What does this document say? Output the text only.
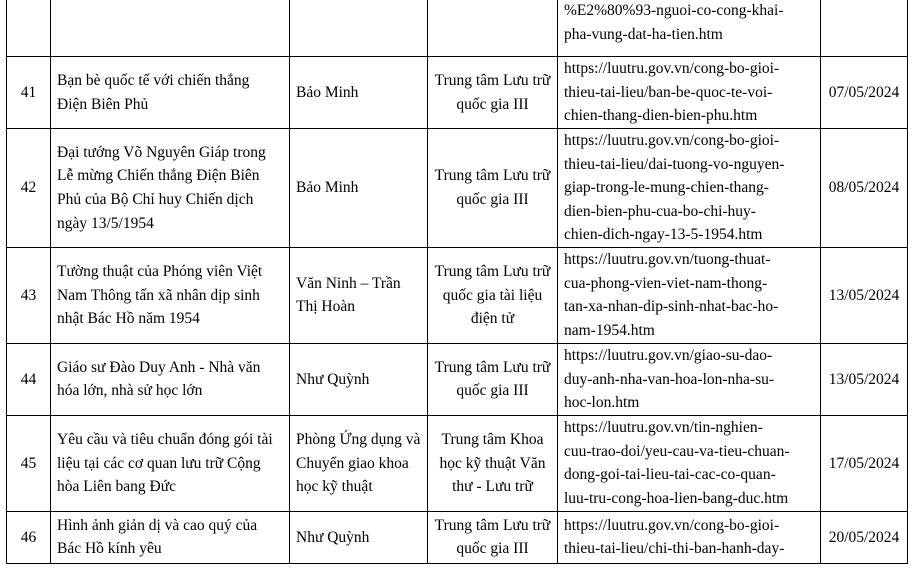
				%E2%80%93-nguoi-co-cong-khai-
pha-vung-dat-ha-tien.htm	

41	Bạn bè quốc tế với chiến thắng Điện Biên Phủ	Bảo Minh	Trung tâm Lưu trữ quốc gia III	https://luutru.gov.vn/cong-bo-gioi-
thieu-tai-lieu/ban-be-quoc-te-voi-
chien-thang-dien-bien-phu.htm	07/05/2024
42	Đại tướng Võ Nguyên Giáp trong Lễ mừng Chiến thắng Điện Biên Phủ của Bộ Chỉ huy Chiến dịch ngày 13/5/1954	Bảo Minh	Trung tâm Lưu trữ quốc gia III	https://luutru.gov.vn/cong-bo-gioi-
thieu-tai-lieu/dai-tuong-vo-nguyen-
giap-trong-le-mung-chien-thang-
dien-bien-phu-cua-bo-chi-huy-
chien-dich-ngay-13-5-1954.htm	08/05/2024
43	Tường thuật của Phóng viên Việt Nam Thông tấn xã nhân dịp sinh nhật Bác Hồ năm 1954	Văn Ninh – Trần Thị Hoàn	Trung tâm Lưu trữ quốc gia tài liệu điện tử	https://luutru.gov.vn/tuong-thuat-
cua-phong-vien-viet-nam-thong-
tan-xa-nhan-dip-sinh-nhat-bac-ho-
nam-1954.htm	13/05/2024
44	Giáo sư Đào Duy Anh - Nhà văn hóa lớn, nhà sử học lớn	Như Quỳnh	Trung tâm Lưu trữ quốc gia III	https://luutru.gov.vn/giao-su-dao-
duy-anh-nha-van-hoa-lon-nha-su-
hoc-lon.htm	13/05/2024
45	Yêu cầu và tiêu chuẩn đóng gói tài liệu tại các cơ quan lưu trữ Cộng hòa Liên bang Đức	Phòng Ứng dụng và Chuyển giao khoa học kỹ thuật	Trung tâm Khoa học kỹ thuật Văn thư - Lưu trữ	https://luutru.gov.vn/tin-nghien-
cuu-trao-doi/yeu-cau-va-tieu-chuan-
dong-goi-tai-lieu-tai-cac-co-quan-
luu-tru-cong-hoa-lien-bang-duc.htm	17/05/2024
46	Hình ảnh giản dị và cao quý của Bác Hồ kính yêu	Như Quỳnh	Trung tâm Lưu trữ quốc gia III	https://luutru.gov.vn/cong-bo-gioi-
thieu-tai-lieu/chi-thi-ban-hanh-day-	20/05/2024
